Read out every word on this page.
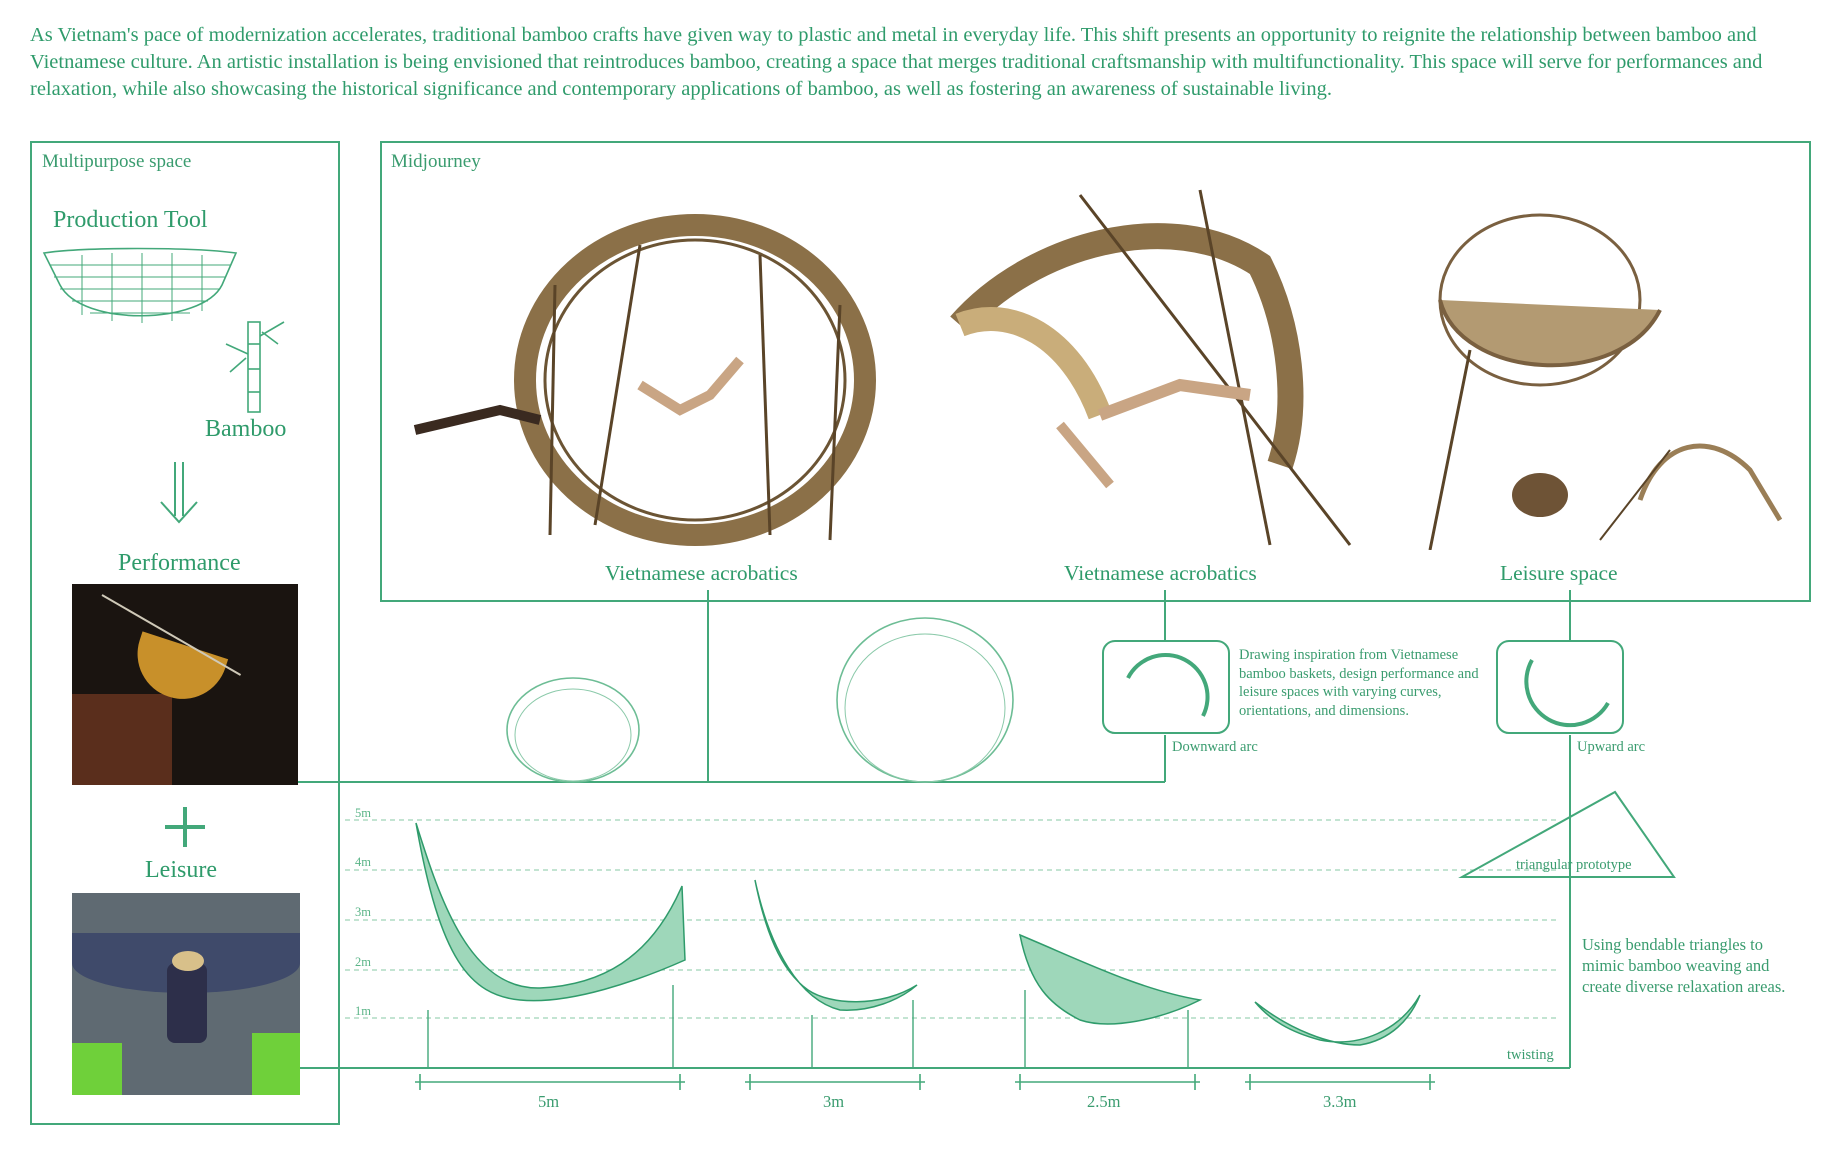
As Vietnam's pace of modernization accelerates, traditional bamboo crafts have given way to plastic and metal in everyday life. This shift presents an opportunity to reignite the relationship between bamboo and Vietnamese culture. An artistic installation is being envisioned that reintroduces bamboo, creating a space that merges traditional craftsmanship with multifunctionality. This space will serve for performances and relaxation, while also showcasing the historical significance and contemporary applications of bamboo, as well as fostering an awareness of sustainable living.

Multipurpose space
Production Tool
Bamboo
Performance
Leisure
Midjourney
Vietnamese acrobatics	Vietnamese acrobatics	Leisure space
Drawing inspiration from Vietnamese bamboo baskets, design performance and leisure spaces with varying curves, orientations, and dimensions.
Downward arc	Upward arc
triangular prototype
Using bendable triangles to mimic bamboo weaving and create diverse relaxation areas.
twisting
5m
4m
3m
2m
1m
5m	3m	2.5m	3.3m
